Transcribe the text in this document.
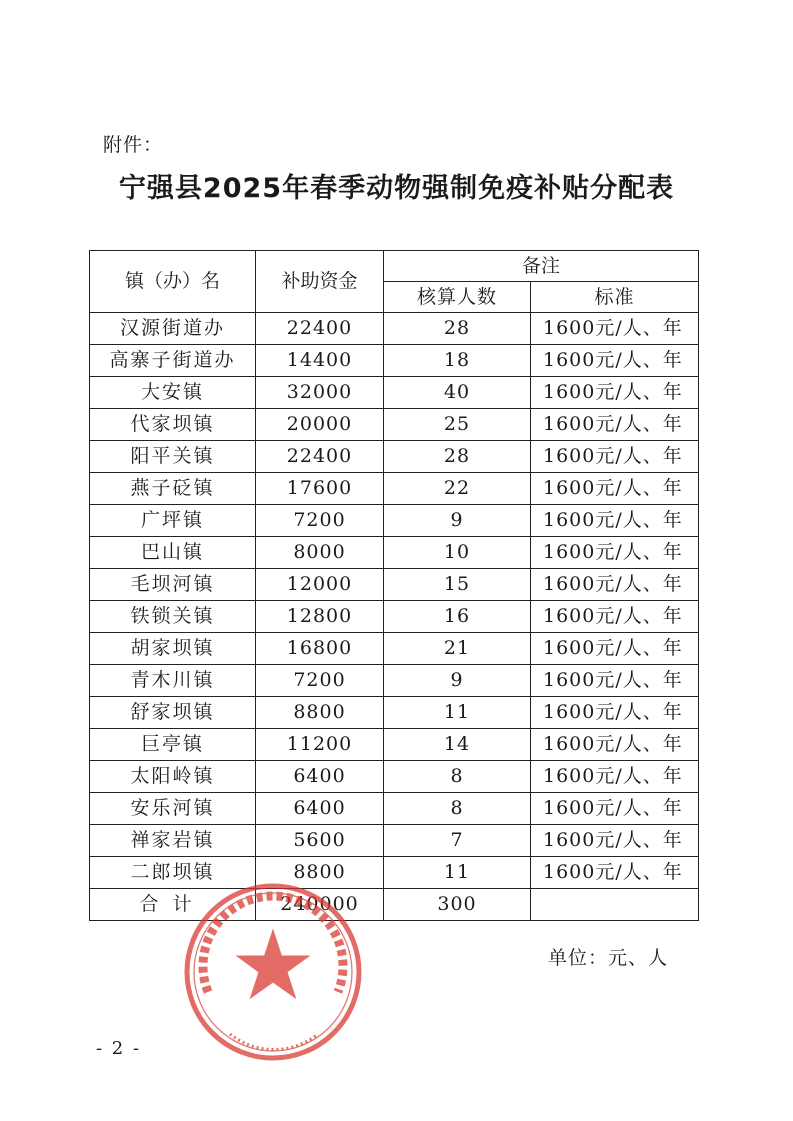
附件：
宁强县2025年春季动物强制免疫补贴分配表
镇（办）名	补助资金	备注	
		核算人数	标准
汉源街道办	22400	28	1600元/人、年
高寨子街道办	14400	18	1600元/人、年
大安镇	32000	40	1600元/人、年
代家坝镇	20000	25	1600元/人、年
阳平关镇	22400	28	1600元/人、年
燕子砭镇	17600	22	1600元/人、年
广坪镇	7200	9	1600元/人、年
巴山镇	8000	10	1600元/人、年
毛坝河镇	12000	15	1600元/人、年
铁锁关镇	12800	16	1600元/人、年
胡家坝镇	16800	21	1600元/人、年
青木川镇	7200	9	1600元/人、年
舒家坝镇	8800	11	1600元/人、年
巨亭镇	11200	14	1600元/人、年
太阳岭镇	6400	8	1600元/人、年
安乐河镇	6400	8	1600元/人、年
禅家岩镇	5600	7	1600元/人、年
二郎坝镇	8800	11	1600元/人、年
合计	240000	300	
单位：元、人
- 2 -
